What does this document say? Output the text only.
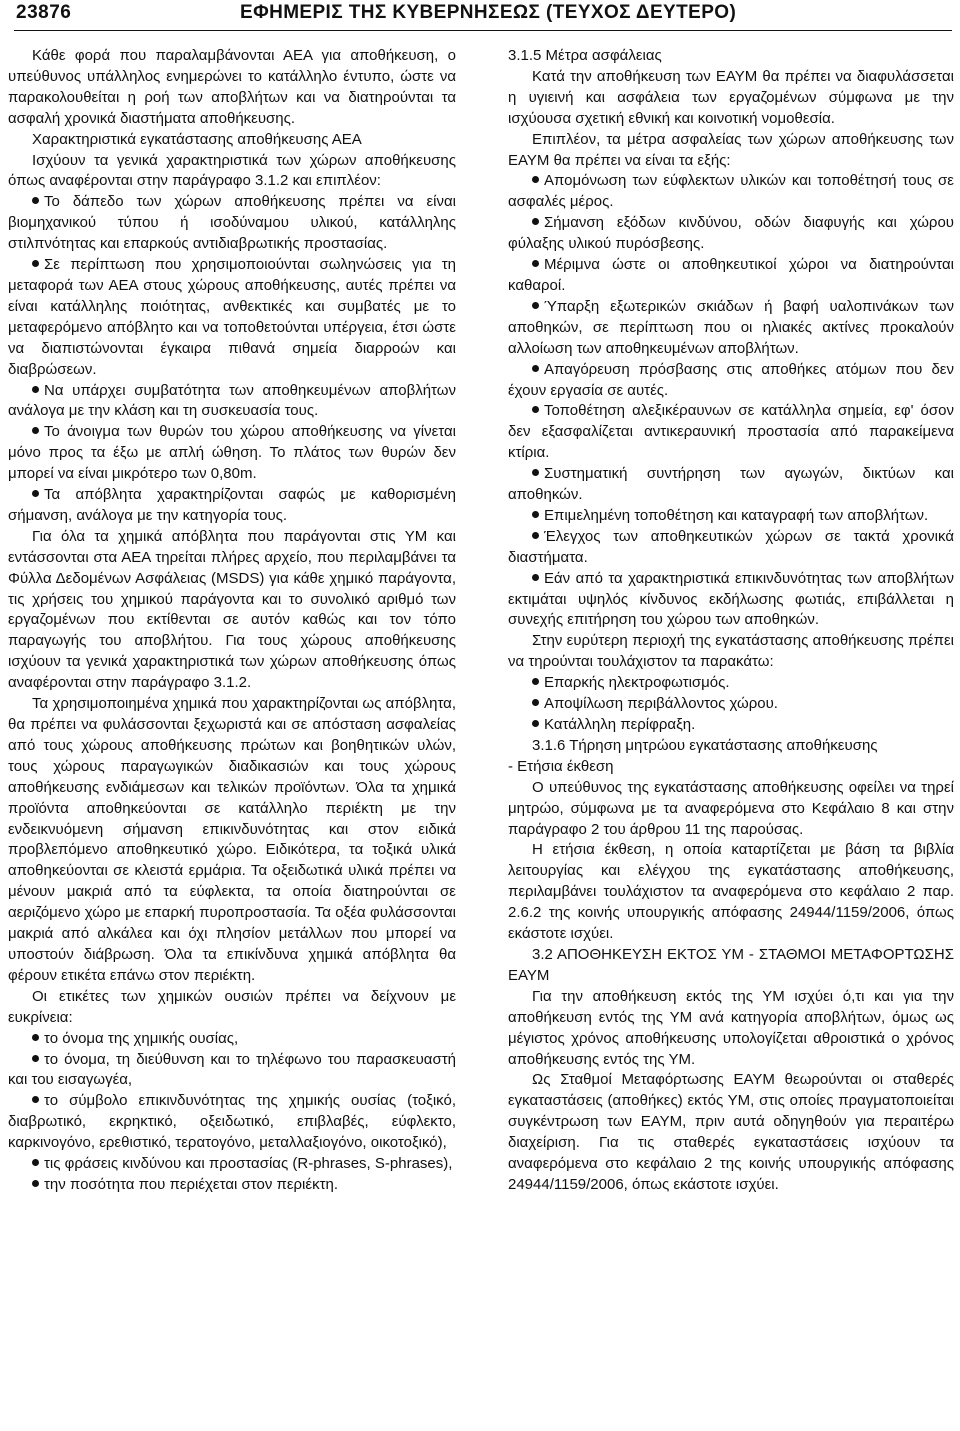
23876	ΕΦΗΜΕΡΙΣ ΤΗΣ ΚΥΒΕΡΝΗΣΕΩΣ (ΤΕΥΧΟΣ ΔΕΥΤΕΡΟ)

Κάθε φορά που παραλαμβάνονται ΑΕΑ για αποθήκευση, ο υπεύθυνος υπάλληλος ενημερώνει το κατάλληλο έντυπο, ώστε να παρακολουθείται η ροή των αποβλήτων και να διατηρούνται τα ασφαλή χρονικά διαστήματα αποθήκευσης.

Χαρακτηριστικά εγκατάστασης αποθήκευσης ΑΕΑ

Ισχύουν τα γενικά χαρακτηριστικά των χώρων αποθήκευσης όπως αναφέρονται στην παράγραφο 3.1.2 και επιπλέον:

Το δάπεδο των χώρων αποθήκευσης πρέπει να είναι βιομηχανικού τύπου ή ισοδύναμου υλικού, κατάλληλης στιλπνότητας και επαρκούς αντιδιαβρωτικής προστασίας.

Σε περίπτωση που χρησιμοποιούνται σωληνώσεις για τη μεταφορά των ΑΕΑ στους χώρους αποθήκευσης, αυτές πρέπει να είναι κατάλληλης ποιότητας, ανθεκτικές και συμβατές με το μεταφερόμενο απόβλητο και να τοποθετούνται υπέργεια, έτσι ώστε να διαπιστώνονται έγκαιρα πιθανά σημεία διαρροών και διαβρώσεων.

Να υπάρχει συμβατότητα των αποθηκευμένων αποβλήτων ανάλογα με την κλάση και τη συσκευασία τους.

Το άνοιγμα των θυρών του χώρου αποθήκευσης να γίνεται μόνο προς τα έξω με απλή ώθηση. Το πλάτος των θυρών δεν μπορεί να είναι μικρότερο των 0,80m.

Τα απόβλητα χαρακτηρίζονται σαφώς με καθορισμένη σήμανση, ανάλογα με την κατηγορία τους.

Για όλα τα χημικά απόβλητα που παράγονται στις ΥΜ και εντάσσονται στα ΑΕΑ τηρείται πλήρες αρχείο, που περιλαμβάνει τα Φύλλα Δεδομένων Ασφάλειας (MSDS) για κάθε χημικό παράγοντα, τις χρήσεις του χημικού παράγοντα και το συνολικό αριθμό των εργαζομένων που εκτίθενται σε αυτόν καθώς και τον τόπο παραγωγής του αποβλήτου. Για τους χώρους αποθήκευσης ισχύουν τα γενικά χαρακτηριστικά των χώρων αποθήκευσης όπως αναφέρονται στην παράγραφο 3.1.2.

Τα χρησιμοποιημένα χημικά που χαρακτηρίζονται ως απόβλητα, θα πρέπει να φυλάσσονται ξεχωριστά και σε απόσταση ασφαλείας από τους χώρους αποθήκευσης πρώτων και βοηθητικών υλών, τους χώρους παραγωγικών διαδικασιών και τους χώρους αποθήκευσης ενδιάμεσων και τελικών προϊόντων. Όλα τα χημικά προϊόντα αποθηκεύονται σε κατάλληλο περιέκτη με την ενδεικνυόμενη σήμανση επικινδυνότητας και στον ειδικά προβλεπόμενο αποθηκευτικό χώρο. Ειδικότερα, τα τοξικά υλικά αποθηκεύονται σε κλειστά ερμάρια. Τα οξειδωτικά υλικά πρέπει να μένουν μακριά από τα εύφλεκτα, τα οποία διατηρούνται σε αεριζόμενο χώρο με επαρκή πυροπροστασία. Τα οξέα φυλάσσονται μακριά από αλκάλεα και όχι πλησίον μετάλλων που μπορεί να υποστούν διάβρωση. Όλα τα επικίνδυνα χημικά απόβλητα θα φέρουν ετικέτα επάνω στον περιέκτη.

Οι ετικέτες των χημικών ουσιών πρέπει να δείχνουν με ευκρίνεια:

το όνομα της χημικής ουσίας,

το όνομα, τη διεύθυνση και το τηλέφωνο του παρασκευαστή και του εισαγωγέα,

το σύμβολο επικινδυνότητας της χημικής ουσίας (τοξικό, διαβρωτικό, εκρηκτικό, οξειδωτικό, επιβλαβές, εύφλεκτο, καρκινογόνο, ερεθιστικό, τερατογόνο, μεταλλαξιογόνο, οικοτοξικό),

τις φράσεις κινδύνου και προστασίας (R-phrases, S-phrases),

την ποσότητα που περιέχεται στον περιέκτη.

3.1.5 Μέτρα ασφάλειας

Κατά την αποθήκευση των ΕΑΥΜ θα πρέπει να διαφυλάσσεται η υγιεινή και ασφάλεια των εργαζομένων σύμφωνα με την ισχύουσα σχετική εθνική και κοινοτική νομοθεσία.

Επιπλέον, τα μέτρα ασφαλείας των χώρων αποθήκευσης των ΕΑΥΜ θα πρέπει να είναι τα εξής:

Απομόνωση των εύφλεκτων υλικών και τοποθέτησή τους σε ασφαλές μέρος.

Σήμανση εξόδων κινδύνου, οδών διαφυγής και χώρου φύλαξης υλικού πυρόσβεσης.

Μέριμνα ώστε οι αποθηκευτικοί χώροι να διατηρούνται καθαροί.

Ύπαρξη εξωτερικών σκιάδων ή βαφή υαλοπινάκων των αποθηκών, σε περίπτωση που οι ηλιακές ακτίνες προκαλούν αλλοίωση των αποθηκευμένων αποβλήτων.

Απαγόρευση πρόσβασης στις αποθήκες ατόμων που δεν έχουν εργασία σε αυτές.

Τοποθέτηση αλεξικέραυνων σε κατάλληλα σημεία, εφ' όσον δεν εξασφαλίζεται αντικεραυνική προστασία από παρακείμενα κτίρια.

Συστηματική συντήρηση των αγωγών, δικτύων και αποθηκών.

Επιμελημένη τοποθέτηση και καταγραφή των αποβλήτων.

Έλεγχος των αποθηκευτικών χώρων σε τακτά χρονικά διαστήματα.

Εάν από τα χαρακτηριστικά επικινδυνότητας των αποβλήτων εκτιμάται υψηλός κίνδυνος εκδήλωσης φωτιάς, επιβάλλεται η συνεχής επιτήρηση του χώρου των αποθηκών.

Στην ευρύτερη περιοχή της εγκατάστασης αποθήκευσης πρέπει να τηρούνται τουλάχιστον τα παρακάτω:

Επαρκής ηλεκτροφωτισμός.

Αποψίλωση περιβάλλοντος χώρου.

Κατάλληλη περίφραξη.

3.1.6 Τήρηση μητρώου εγκατάστασης αποθήκευσης

- Ετήσια έκθεση

Ο υπεύθυνος της εγκατάστασης αποθήκευσης οφείλει να τηρεί μητρώο, σύμφωνα με τα αναφερόμενα στο Κεφάλαιο 8 και στην παράγραφο 2 του άρθρου 11 της παρούσας.

Η ετήσια έκθεση, η οποία καταρτίζεται με βάση τα βιβλία λειτουργίας και ελέγχου της εγκατάστασης αποθήκευσης, περιλαμβάνει τουλάχιστον τα αναφερόμενα στο κεφάλαιο 2 παρ. 2.6.2 της κοινής υπουργικής απόφασης 24944/1159/2006, όπως εκάστοτε ισχύει.

3.2 ΑΠΟΘΗΚΕΥΣΗ ΕΚΤΟΣ ΥΜ - ΣΤΑΘΜΟΙ ΜΕΤΑΦΟΡΤΩΣΗΣ ΕΑΥΜ

Για την αποθήκευση εκτός της ΥΜ ισχύει ό,τι και για την αποθήκευση εντός της ΥΜ ανά κατηγορία αποβλήτων, όμως ως μέγιστος χρόνος αποθήκευσης υπολογίζεται αθροιστικά ο χρόνος αποθήκευσης εντός της ΥΜ.

Ως Σταθμοί Μεταφόρτωσης ΕΑΥΜ θεωρούνται οι σταθερές εγκαταστάσεις (αποθήκες) εκτός ΥΜ, στις οποίες πραγματοποιείται συγκέντρωση των ΕΑΥΜ, πριν αυτά οδηγηθούν για περαιτέρω διαχείριση. Για τις σταθερές εγκαταστάσεις ισχύουν τα αναφερόμενα στο κεφάλαιο 2 της κοινής υπουργικής απόφασης 24944/1159/2006, όπως εκάστοτε ισχύει.
